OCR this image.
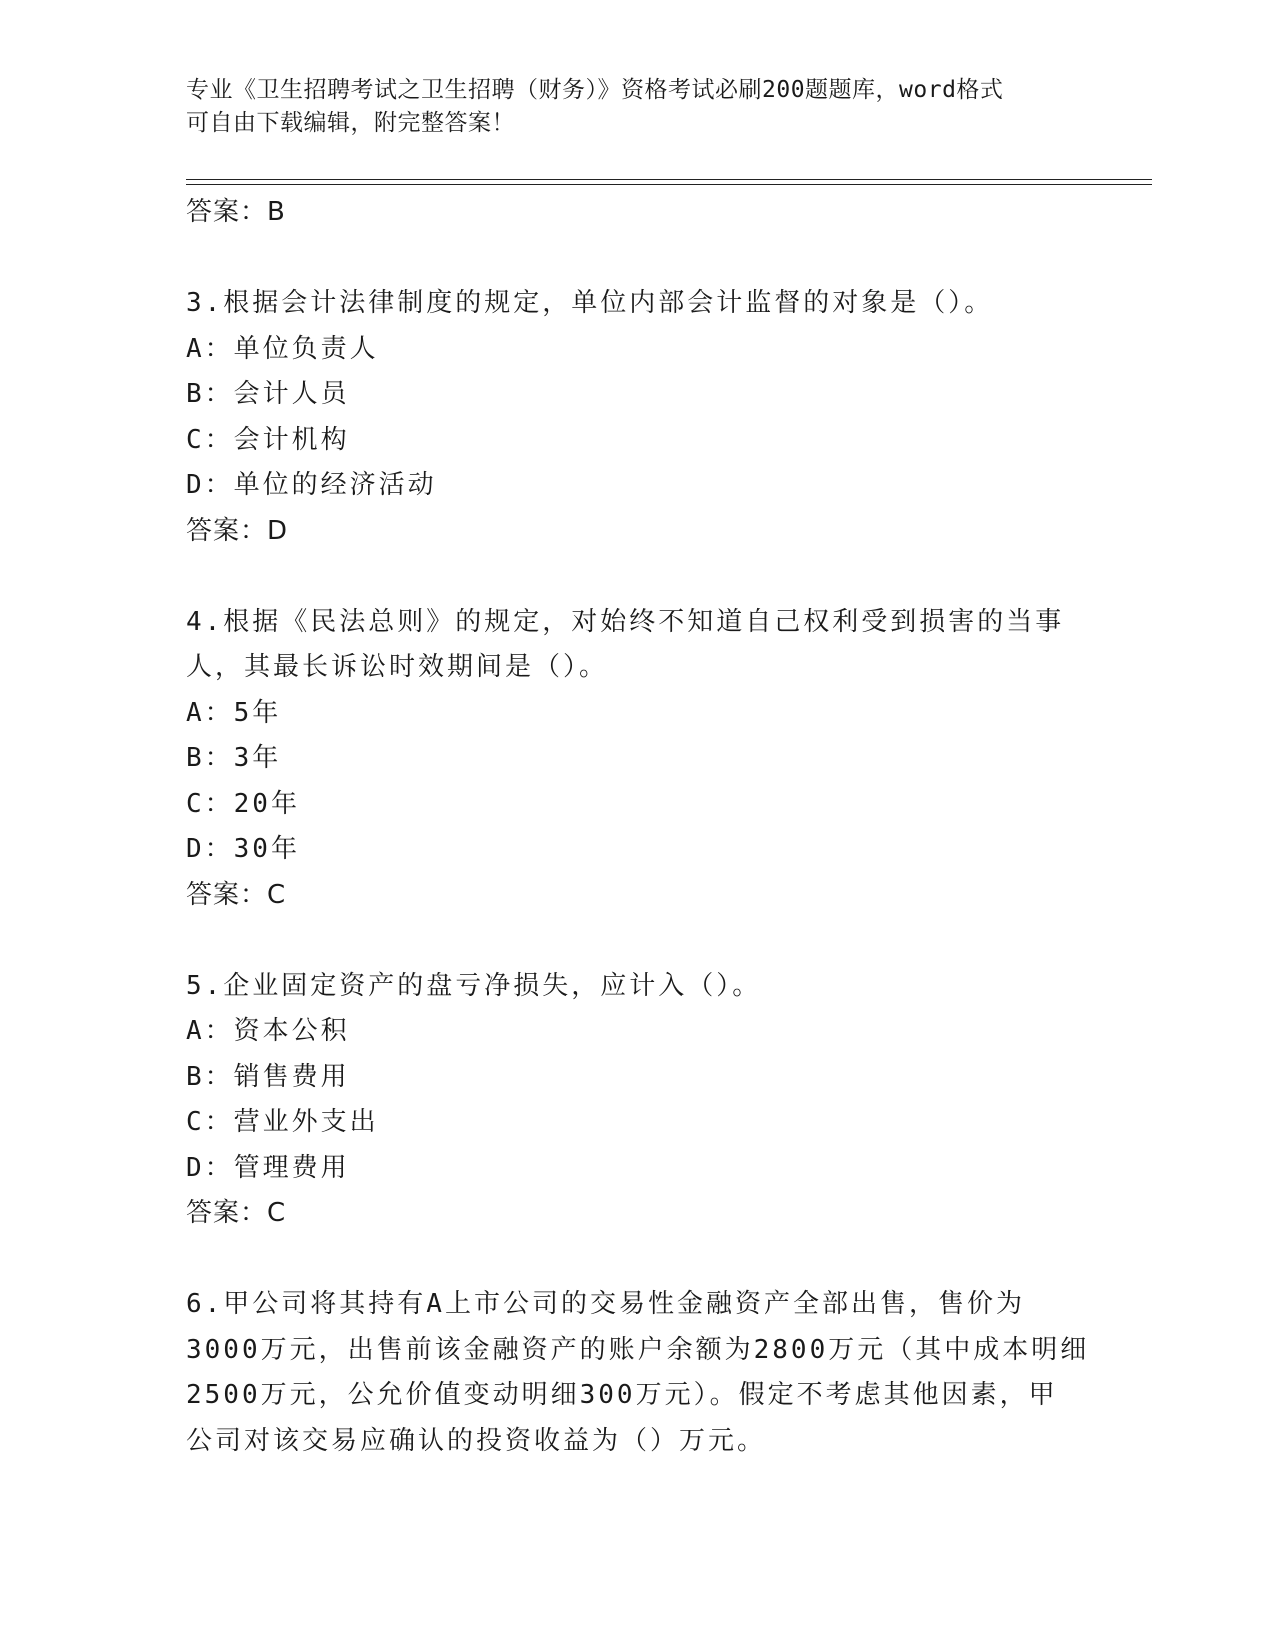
专业《卫生招聘考试之卫生招聘（财务）》资格考试必刷200题题库，word格式
可自由下载编辑，附完整答案！
答案：B
3.根据会计法律制度的规定，单位内部会计监督的对象是（）。
A：单位负责人
B：会计人员
C：会计机构
D：单位的经济活动
答案：D
4.根据《民法总则》的规定，对始终不知道自己权利受到损害的当事
人，其最长诉讼时效期间是（）。
A：5年
B：3年
C：20年
D：30年
答案：C
5.企业固定资产的盘亏净损失，应计入（）。
A：资本公积
B：销售费用
C：营业外支出
D：管理费用
答案：C
6.甲公司将其持有A上市公司的交易性金融资产全部出售，售价为
3000万元，出售前该金融资产的账户余额为2800万元（其中成本明细
2500万元，公允价值变动明细300万元）。假定不考虑其他因素，甲
公司对该交易应确认的投资收益为（）万元。
